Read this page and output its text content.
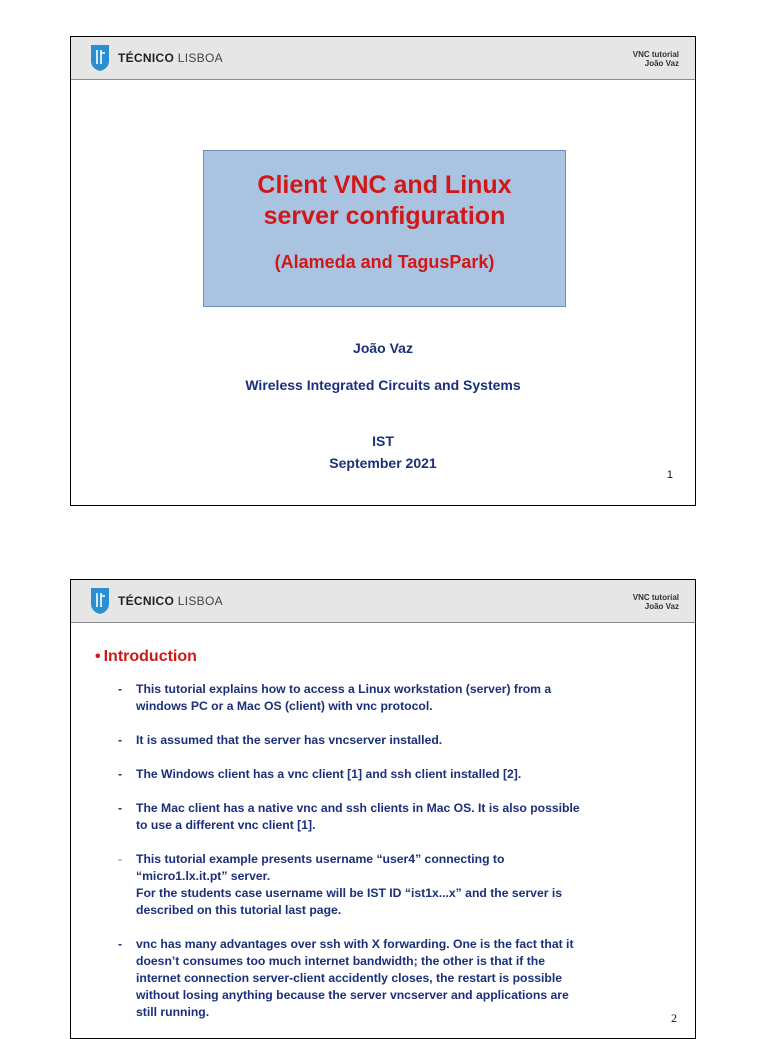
TÉCNICO LISBOA	VNC tutorial
João Vaz
Client VNC and Linux
server configuration
(Alameda and TagusPark)
João Vaz
Wireless Integrated Circuits and Systems
IST
September 2021
1
TÉCNICO LISBOA	VNC tutorial
João Vaz
• Introduction
- This tutorial explains how to access a Linux workstation (server) from a
windows PC or a Mac OS (client) with vnc protocol.
- It is assumed that the server has vncserver installed.
- The Windows client has a vnc client [1] and ssh client installed [2].
- The Mac client has a native vnc and ssh clients in Mac OS. It is also possible
to use a different vnc client [1].
- This tutorial example presents username “user4” connecting to
“micro1.lx.it.pt” server.
For the students case username will be IST ID “ist1x...x” and the server is
described on this tutorial last page.
- vnc has many advantages over ssh with X forwarding. One is the fact that it
doesn’t consumes too much internet bandwidth; the other is that if the
internet connection server-client accidently closes, the restart is possible
without losing anything because the server vncserver and applications are
still running.	2
